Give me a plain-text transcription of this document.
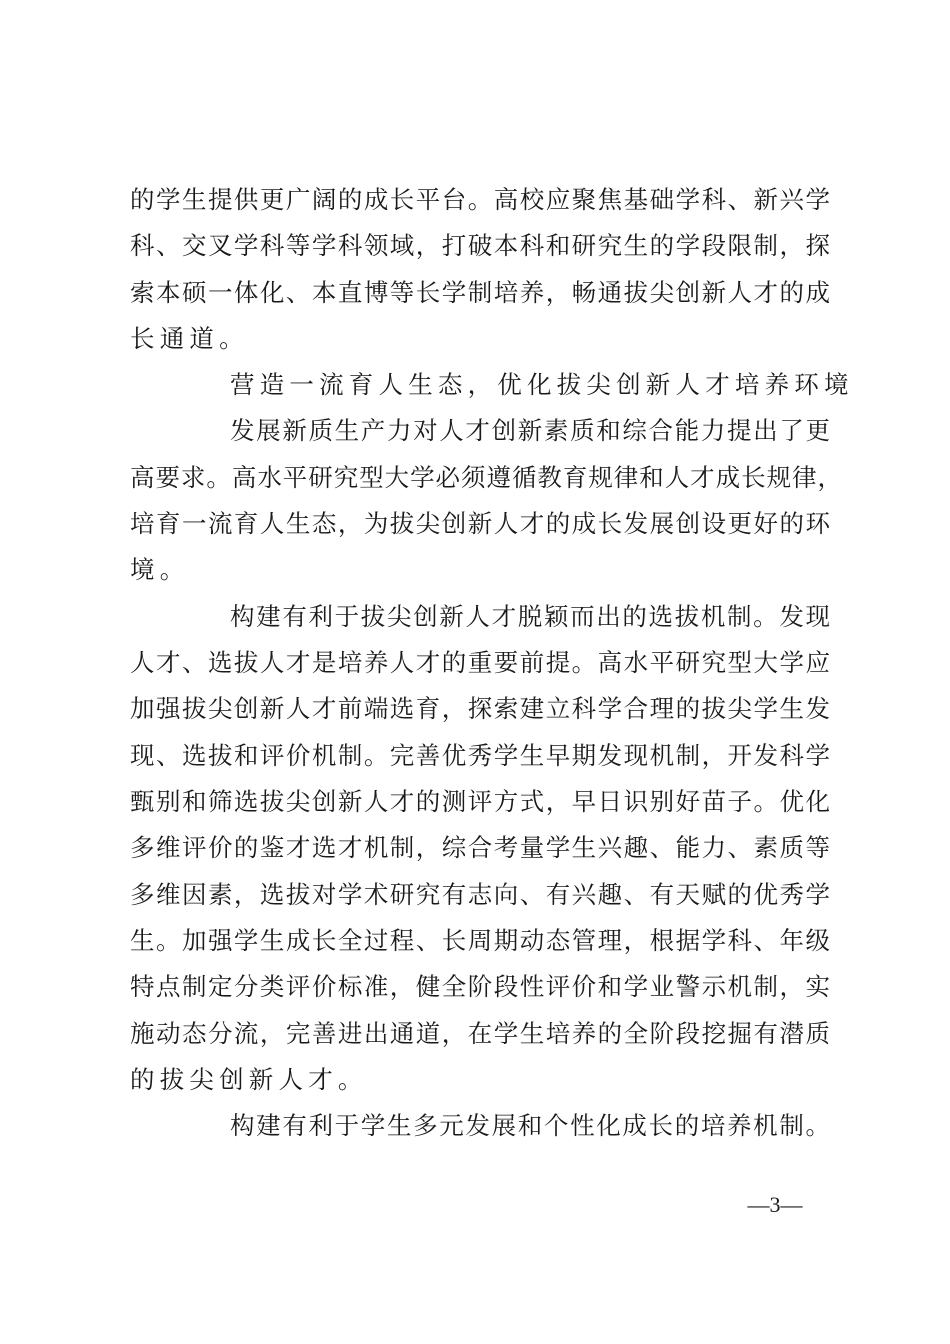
的学生提供更广阔的成长平台。高校应聚焦基础学科、新兴学
科、交叉学科等学科领域，打破本科和研究生的学段限制，探
索本硕一体化、本直博等长学制培养，畅通拔尖创新人才的成
长通道。
营造一流育人生态，优化拔尖创新人才培养环境
发展新质生产力对人才创新素质和综合能力提出了更
高要求。高水平研究型大学必须遵循教育规律和人才成长规律，
培育一流育人生态，为拔尖创新人才的成长发展创设更好的环
境。
构建有利于拔尖创新人才脱颖而出的选拔机制。发现
人才、选拔人才是培养人才的重要前提。高水平研究型大学应
加强拔尖创新人才前端选育，探索建立科学合理的拔尖学生发
现、选拔和评价机制。完善优秀学生早期发现机制，开发科学
甄别和筛选拔尖创新人才的测评方式，早日识别好苗子。优化
多维评价的鉴才选才机制，综合考量学生兴趣、能力、素质等
多维因素，选拔对学术研究有志向、有兴趣、有天赋的优秀学
生。加强学生成长全过程、长周期动态管理，根据学科、年级
特点制定分类评价标准，健全阶段性评价和学业警示机制，实
施动态分流，完善进出通道，在学生培养的全阶段挖掘有潜质
的拔尖创新人才。
构建有利于学生多元发展和个性化成长的培养机制。
—3—
